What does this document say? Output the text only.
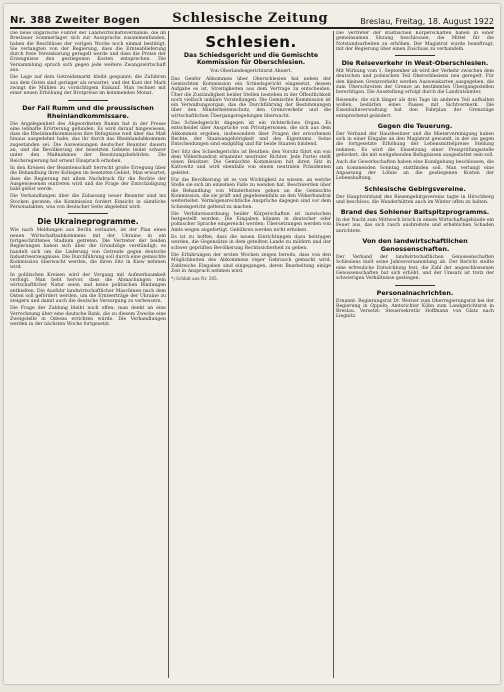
Nr. 388 Zweiter Bogen Schlesische Zeitung	Breslau, Freitag, 18. August 1922

Die neue ungarische Führer der Landwirtschaftsverbände, die im Breslauer Sommerlager sich zur Aussprache zusammenfanden, haben die Beschlüsse der vorigen Woche noch einmal bestätigt. Sie verlangten von der Regierung, dass die Ernteablieferung durch freie Vereinbarung geregelt werde und dass die Preise der Erzeugnisse den gestiegenen Kosten entsprechen. Die Versammlung sprach sich gegen jede weitere Zwangswirtschaft aus.

Die Lage auf dem Getreidemarkt bleibt gespannt; die Zufuhren aus dem Osten sind geringer als erwartet, und der Kurs der Mark zwingt die Mühlen zu vorsichtigem Einkauf. Man rechnet mit einer neuen Erhöhung der Brotpreise im kommenden Monat.

Der Fall Rumm und die preussischen Rheinlandkommissare.

Die Angelegenheit des Abgeordneten Rumm hat in der Presse eine lebhafte Erörterung gefunden. Es wird darauf hingewiesen, dass die Rheinlandkommission ihre Befugnisse weit über das Maß hinaus ausgedehnt habe, das ihr durch das Rheinlandabkommen zugestanden sei. Die Ausweisungen deutscher Beamter dauern an, und die Bevölkerung der besetzten Gebiete leidet schwer unter den Maßnahmen der Besatzungsbehörden. Die Reichsregierung hat erneut Einspruch erhoben.

In den Kreisen der Beamtenschaft herrscht große Erregung über die Behandlung ihrer Kollegen im besetzten Gebiet. Man erwartet, dass die Regierung mit allem Nachdruck für die Rechte der Ausgewiesenen eintreten wird und die Frage der Entschädigung bald gelöst werde.

Die Verhandlungen über die Zulassung neuer Beamter sind ins Stocken geraten; die Kommission fordert Einsicht in sämtliche Personalakten, was von deutscher Seite abgelehnt wird.

Die Ukraineprogramme.

Wie nach Meldungen aus Berlin verlautet, ist der Plan eines neuen Wirtschaftsabkommens mit der Ukraine in ein fortgeschrittenes Stadium getreten. Die Vertreter der beiden Regierungen haben sich über die Grundzüge verständigt; es handelt sich um die Lieferung von Getreide gegen deutsche Industrieerzeugnisse. Die Durchführung soll durch eine gemischte Kommission überwacht werden, die ihren Sitz in Kiew nehmen wird.

In politischen Kreisen wird der Vorgang mit Aufmerksamkeit verfolgt. Man hebt hervor, dass die Abmachungen rein wirtschaftlicher Natur seien und keine politischen Bindungen enthielten. Die Ausfuhr landwirtschaftlicher Maschinen nach dem Osten soll gefördert werden, um die Ernteerträge der Ukraine zu steigern und damit auch die deutsche Versorgung zu verbessern.

Die Frage der Zahlung bleibt noch offen; man denkt an eine Verrechnung über eine deutsche Bank, die zu diesem Zwecke eine Zweigstelle in Odessa errichten würde. Die Verhandlungen werden in der nächsten Woche fortgesetzt.

Schlesien.
Das Schiedsgericht und die Gemischte Kommission für Oberschlesien.

Von Oberlandesgerichtsrat Ahnert.

Das Genfer Abkommen über Oberschlesien hat neben der Gemischten Kommission ein Schiedsgericht eingesetzt, dessen Aufgabe es ist, Streitigkeiten aus dem Vertrage zu entscheiden. Über die Zuständigkeit beider Stellen bestehen in der Öffentlichkeit noch vielfach unklare Vorstellungen. Die Gemischte Kommission ist ein Verwaltungsorgan, das die Durchführung der Bestimmungen über den Minderheitenschutz, den Grenzverkehr und die wirtschaftlichen Übergangsregelungen überwacht.

Das Schiedsgericht dagegen ist ein richterliches Organ. Es entscheidet über Ansprüche von Privatpersonen, die sich aus dem Abkommen ergeben, insbesondere über Fragen der erworbenen Rechte, der Staatsangehörigkeit und des Eigentums. Seine Entscheidungen sind endgültig und für beide Staaten bindend.

Der Sitz des Schiedsgerichts ist Beuthen; den Vorsitz führt ein von dem Völkerbundrat ernannter neutraler Richter. Jede Partei stellt einen Beisitzer. Die Gemischte Kommission hat ihren Sitz in Kattowitz und wird ebenfalls von einem neutralen Präsidenten geleitet.

Für die Bevölkerung ist es von Wichtigkeit zu wissen, an welche Stelle sie sich im einzelnen Falle zu wenden hat. Beschwerden über die Behandlung von Minderheiten gehen an die Gemischte Kommission, die sie prüft und gegebenenfalls an den Völkerbundrat weiterleitet. Vermögensrechtliche Ansprüche dagegen sind vor dem Schiedsgericht geltend zu machen.

Die Verfahrensordnung beider Körperschaften ist inzwischen festgestellt worden. Die Eingaben können in deutscher oder polnischer Sprache eingereicht werden; Übersetzungen werden von Amts wegen angefertigt. Gebühren werden nicht erhoben.

Es ist zu hoffen, dass die neuen Einrichtungen dazu beitragen werden, die Gegensätze in dem geteilten Lande zu mildern und der schwer geprüften Bevölkerung Rechtssicherheit zu geben.

Die Erfahrungen der ersten Wochen zeigen bereits, dass von den Möglichkeiten des Abkommens reger Gebrauch gemacht wird. Zahlreiche Eingaben sind eingegangen, deren Bearbeitung einige Zeit in Anspruch nehmen wird.

*) Schluß aus Nr. 385.

Die Vertreter der städtischen Körperschaften haben in einer gemeinsamen Sitzung beschlossen, die Mittel für die Notstandsarbeiten zu erhöhen. Der Magistrat wurde beauftragt, mit der Regierung über einen Zuschuss zu verhandeln.

Die Reiseverkehr in West-Oberschlesien.

Mit Wirkung vom 1. September ab wird der Verkehr zwischen dem deutschen und polnischen Teil Oberschlesiens neu geregelt. Für den kleinen Grenzverkehr werden Ausweiskarten ausgegeben, die zum Überschreiten der Grenze an bestimmten Übergangsstellen berechtigen. Die Ausstellung erfolgt durch die Landratsämter.

Reisende, die sich länger als drei Tage im anderen Teil aufhalten wollen, bedürfen eines Passes mit Sichtvermerk. Die Eisenbahnverwaltung hat den Fahrplan der Grenzzüge entsprechend geändert.

Gegen die Teuerung.

Der Verband der Hausbesitzer und die Mietervereinigung haben sich in einer Eingabe an den Magistrat gewandt, in der sie gegen die fortgesetzte Erhöhung der Lebensmittelpreise Stellung nehmen. Es wird die Einsetzung einer Preisprüfungsstelle gefordert, die mit weitgehenden Befugnissen ausgestattet sein soll.

Auch die Gewerkschaften haben eine Kundgebung beschlossen, die am kommenden Sonntag stattfinden soll. Man verlangt eine Anpassung der Löhne an die gestiegenen Kosten der Lebenshaltung.

Schlesische Gebirgsvereine.

Der Hauptvorstand des Riesengebirgsvereins tagte in Hirschberg und beschloss, die Wanderhütten auch im Winter offen zu halten.

Brand des Sohlener Baltspitzprogramms.

In der Nacht zum Mittwoch brach in einem Wirtschaftsgebäude ein Feuer aus, das sich rasch ausbreitete und erheblichen Schaden anrichtete.

Von den landwirtschaftlichen Genossenschaften.

Der Verband der landwirtschaftlichen Genossenschaften Schlesiens hielt seine Jahresversammlung ab. Der Bericht stellte eine erfreuliche Entwicklung fest; die Zahl der angeschlossenen Genossenschaften hat sich erhöht, und der Umsatz ist trotz der schwierigen Verhältnisse gestiegen.

Personalnachrichten.

Ernannt: Regierungsrat Dr. Werner zum Oberregierungsrat bei der Regierung in Oppeln; Amtsrichter Kühn zum Landgerichtsrat in Breslau. Versetzt: Steuersekretär Hoffmann von Glatz nach Liegnitz.
